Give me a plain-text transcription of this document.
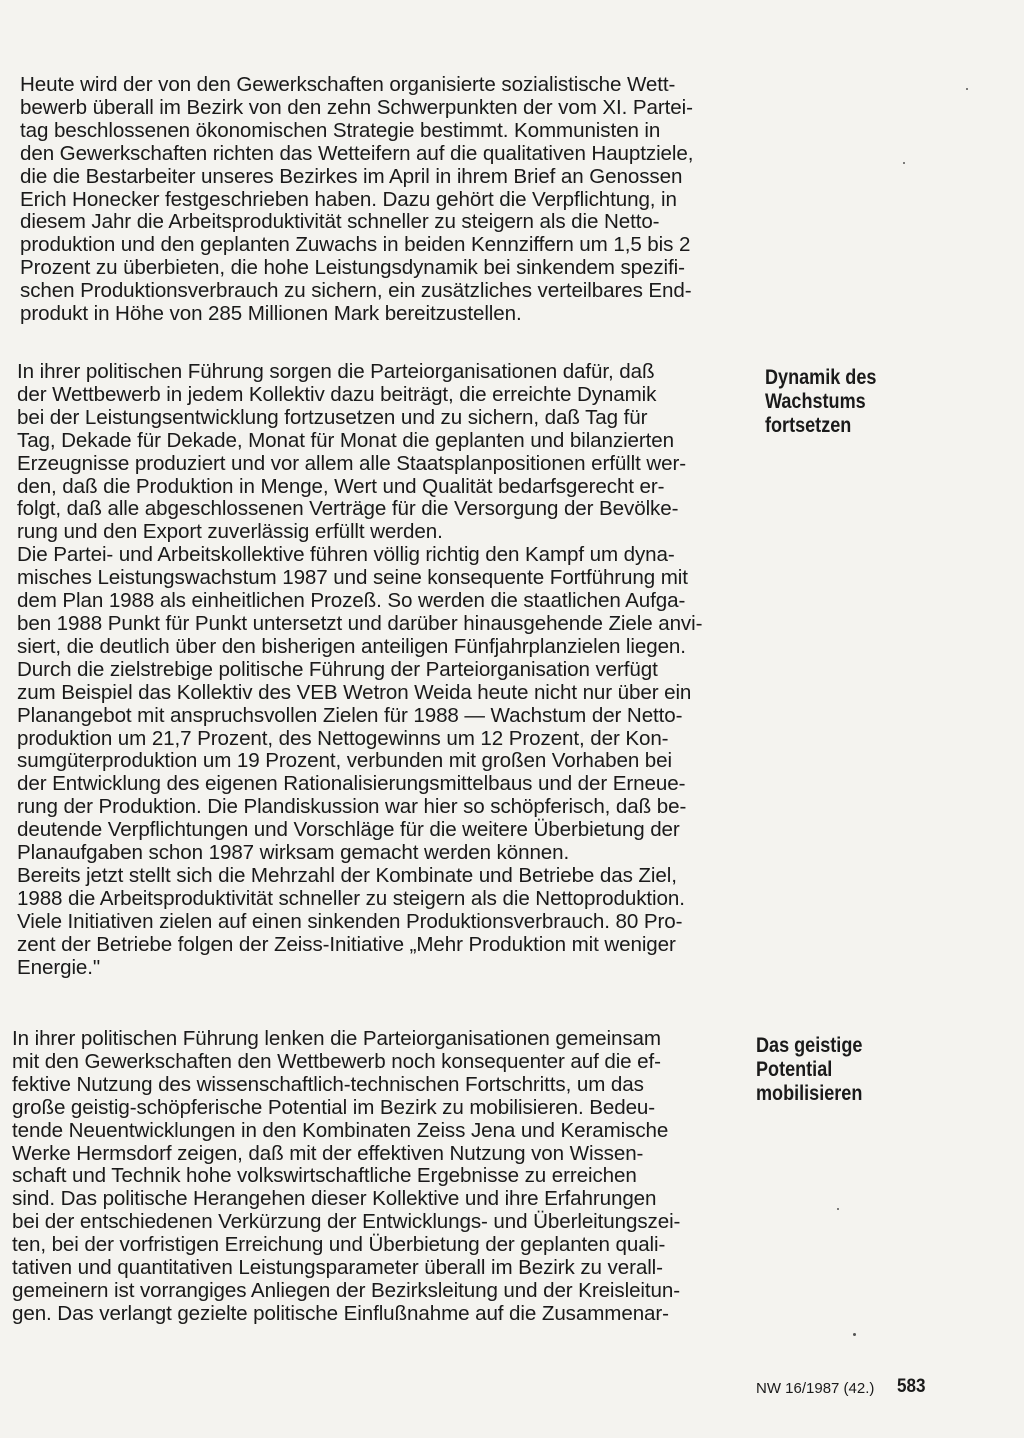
Heute wird der von den Gewerkschaften organisierte sozialistische Wett-
bewerb überall im Bezirk von den zehn Schwerpunkten der vom XI. Partei-
tag beschlossenen ökonomischen Strategie bestimmt. Kommunisten in
den Gewerkschaften richten das Wetteifern auf die qualitativen Hauptziele,
die die Bestarbeiter unseres Bezirkes im April in ihrem Brief an Genossen
Erich Honecker festgeschrieben haben. Dazu gehört die Verpflichtung, in
diesem Jahr die Arbeitsproduktivität schneller zu steigern als die Netto-
produktion und den geplanten Zuwachs in beiden Kennziffern um 1,5 bis 2
Prozent zu überbieten, die hohe Leistungsdynamik bei sinkendem spezifi-
schen Produktionsverbrauch zu sichern, ein zusätzliches verteilbares End-
produkt in Höhe von 285 Millionen Mark bereitzustellen.
In ihrer politischen Führung sorgen die Parteiorganisationen dafür, daß
der Wettbewerb in jedem Kollektiv dazu beiträgt, die erreichte Dynamik
bei der Leistungsentwicklung fortzusetzen und zu sichern, daß Tag für
Tag, Dekade für Dekade, Monat für Monat die geplanten und bilanzierten
Erzeugnisse produziert und vor allem alle Staatsplanpositionen erfüllt wer-
den, daß die Produktion in Menge, Wert und Qualität bedarfsgerecht er-
folgt, daß alle abgeschlossenen Verträge für die Versorgung der Bevölke-
rung und den Export zuverlässig erfüllt werden.
Die Partei- und Arbeitskollektive führen völlig richtig den Kampf um dyna-
misches Leistungswachstum 1987 und seine konsequente Fortführung mit
dem Plan 1988 als einheitlichen Prozeß. So werden die staatlichen Aufga-
ben 1988 Punkt für Punkt untersetzt und darüber hinausgehende Ziele anvi-
siert, die deutlich über den bisherigen anteiligen Fünfjahrplanzielen liegen.
Durch die zielstrebige politische Führung der Parteiorganisation verfügt
zum Beispiel das Kollektiv des VEB Wetron Weida heute nicht nur über ein
Planangebot mit anspruchsvollen Zielen für 1988 — Wachstum der Netto-
produktion um 21,7 Prozent, des Nettogewinns um 12 Prozent, der Kon-
sumgüterproduktion um 19 Prozent, verbunden mit großen Vorhaben bei
der Entwicklung des eigenen Rationalisierungsmittelbaus und der Erneue-
rung der Produktion. Die Plandiskussion war hier so schöpferisch, daß be-
deutende Verpflichtungen und Vorschläge für die weitere Überbietung der
Planaufgaben schon 1987 wirksam gemacht werden können.
Bereits jetzt stellt sich die Mehrzahl der Kombinate und Betriebe das Ziel,
1988 die Arbeitsproduktivität schneller zu steigern als die Nettoproduktion.
Viele Initiativen zielen auf einen sinkenden Produktionsverbrauch. 80 Pro-
zent der Betriebe folgen der Zeiss-Initiative „Mehr Produktion mit weniger
Energie."
In ihrer politischen Führung lenken die Parteiorganisationen gemeinsam
mit den Gewerkschaften den Wettbewerb noch konsequenter auf die ef-
fektive Nutzung des wissenschaftlich-technischen Fortschritts, um das
große geistig-schöpferische Potential im Bezirk zu mobilisieren. Bedeu-
tende Neuentwicklungen in den Kombinaten Zeiss Jena und Keramische
Werke Hermsdorf zeigen, daß mit der effektiven Nutzung von Wissen-
schaft und Technik hohe volkswirtschaftliche Ergebnisse zu erreichen
sind. Das politische Herangehen dieser Kollektive und ihre Erfahrungen
bei der entschiedenen Verkürzung der Entwicklungs- und Überleitungszei-
ten, bei der vorfristigen Erreichung und Überbietung der geplanten quali-
tativen und quantitativen Leistungsparameter überall im Bezirk zu verall-
gemeinern ist vorrangiges Anliegen der Bezirksleitung und der Kreisleitun-
gen. Das verlangt gezielte politische Einflußnahme auf die Zusammenar-
Dynamik des
Wachstums
fortsetzen
Das geistige
Potential
mobilisieren
NW 16/1987 (42.) 583
